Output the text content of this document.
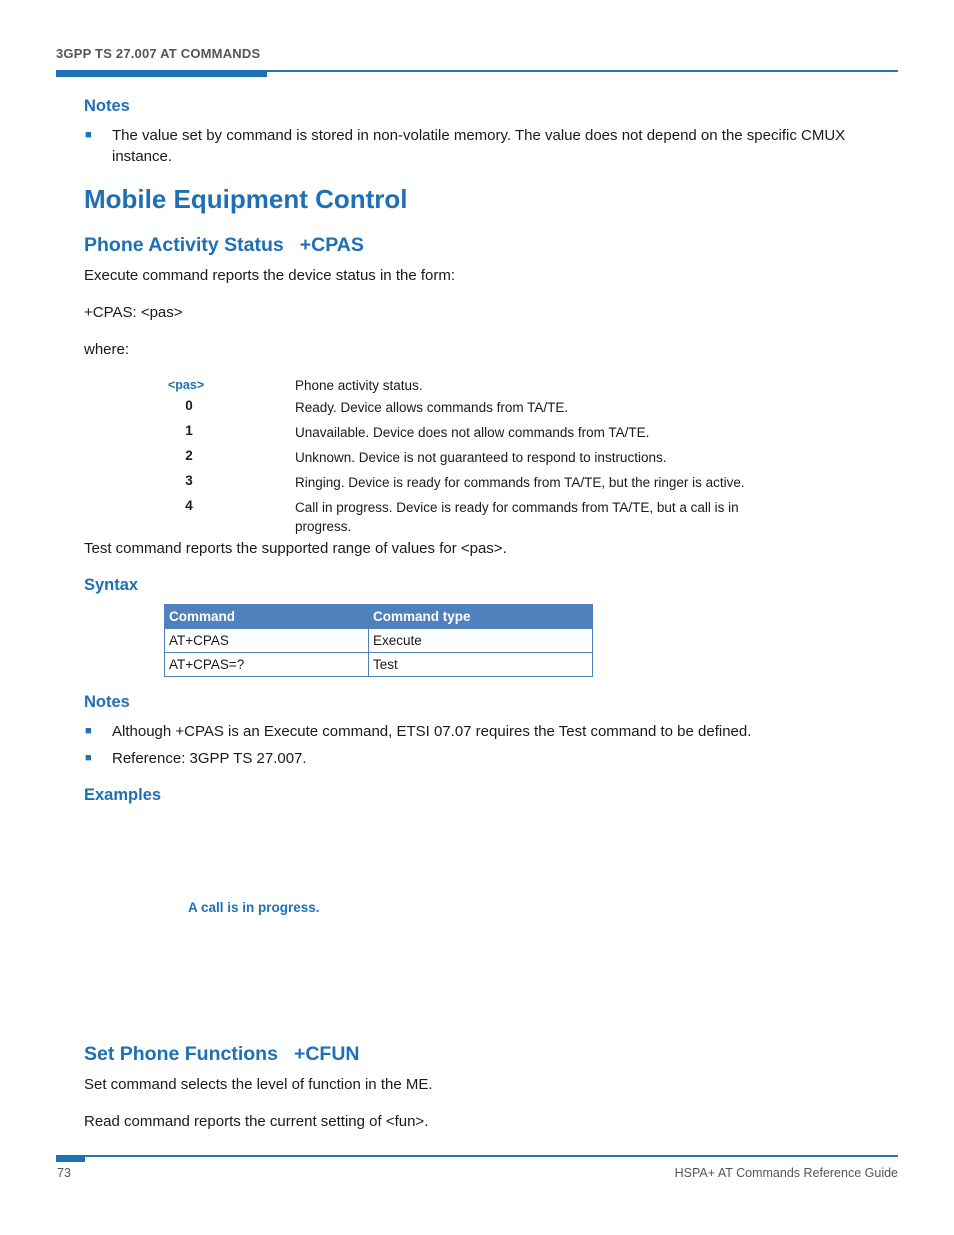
3GPP TS 27.007 AT COMMANDS
Notes
■	The value set by command is stored in non-volatile memory. The value does not depend on the specific CMUX
instance.
Mobile Equipment Control
Phone Activity Status +CPAS
Execute command reports the device status in the form:
+CPAS: <pas>
where:
<pas>	Phone activity status.
0	Ready. Device allows commands from TA/TE.
1	Unavailable. Device does not allow commands from TA/TE.
2	Unknown. Device is not guaranteed to respond to instructions.
3	Ringing. Device is ready for commands from TA/TE, but the ringer is active.
4	Call in progress. Device is ready for commands from TA/TE, but a call is in
progress.
Test command reports the supported range of values for <pas>.
Syntax
Command	Command type
AT+CPAS	Execute
AT+CPAS=?	Test
Notes
■	Although +CPAS is an Execute command, ETSI 07.07 requires the Test command to be defined.
■	Reference: 3GPP TS 27.007.
Examples
A call is in progress.
Set Phone Functions +CFUN
Set command selects the level of function in the ME.
Read command reports the current setting of <fun>.
73	HSPA+ AT Commands Reference Guide
